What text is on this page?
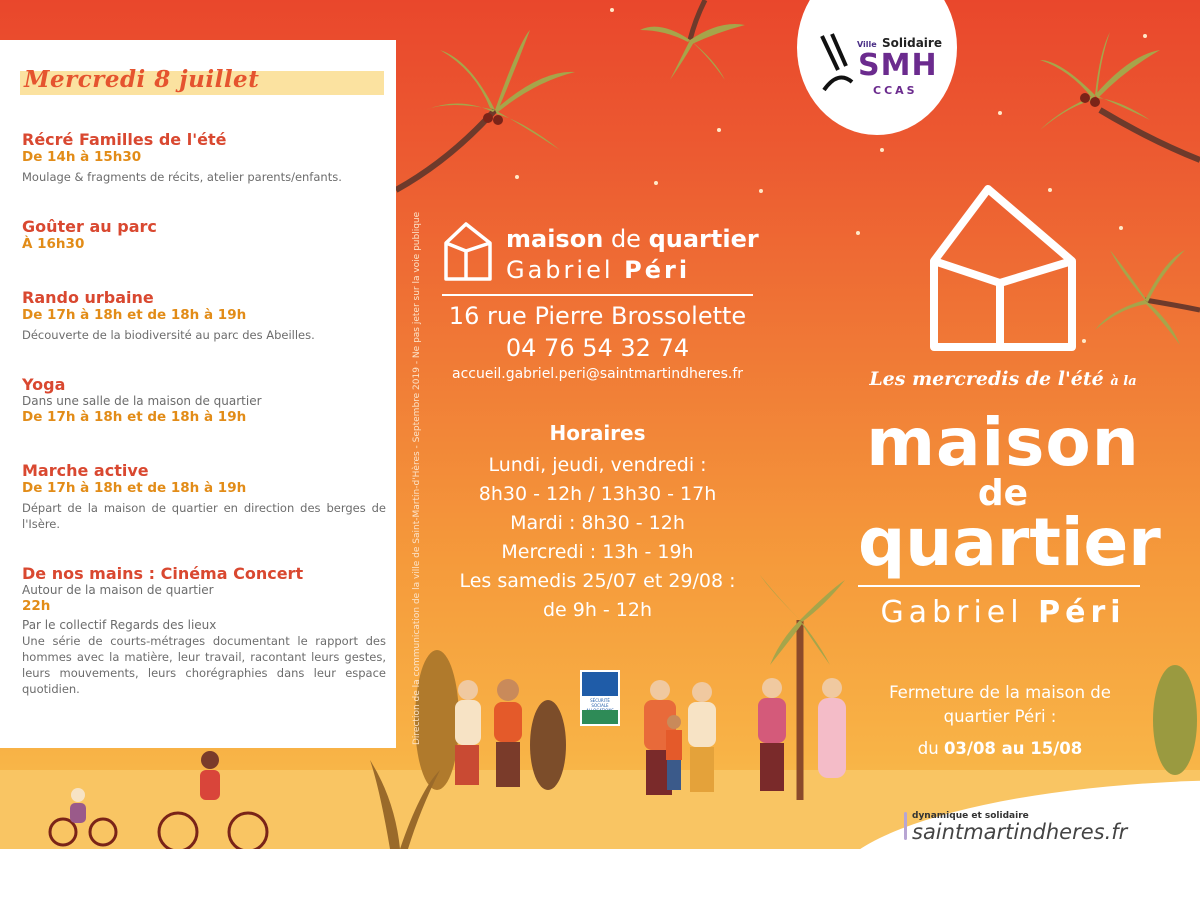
Mercredi 8 juillet
Récré Familles de l'été
De 14h à 15h30
Moulage & fragments de récits, atelier parents/enfants.
Goûter au parc
À 16h30
Rando urbaine
De 17h à 18h et de 18h à 19h
Découverte de la biodiversité au parc des Abeilles.
Yoga
Dans une salle de la maison de quartier
De 17h à 18h et de 18h à 19h
Marche active
De 17h à 18h et de 18h à 19h
Départ de la maison de quartier en direction des berges de l'Isère.
De nos mains : Cinéma Concert
Autour de la maison de quartier
22h
Par le collectif Regards des lieux
Une série de courts-métrages documentant le rapport des hommes avec la matière, leur travail, racontant leurs gestes, leurs mouvements, leurs chorégraphies dans leur espace quotidien.	Direction de la communication de la ville de Saint-Martin-d'Hères - Septembre 2019 - Ne pas jeter sur la voie publique	maison de quartier
Gabriel Péri
16 rue Pierre Brossolette
04 76 54 32 74
accueil.gabriel.peri@saintmartindheres.fr
Horaires
Lundi, jeudi, vendredi :
8h30 - 12h / 13h30 - 17h
Mardi : 8h30 - 12h
Mercredi : 13h - 19h
Les samedis 25/07 et 29/08 :
de 9h - 12h
SÉCURITÉ SOCIALE
Ville Solidaire
SMH
CCAS
Les mercredis de l'été à la
maison
de
quartier
Gabriel Péri
Fermeture de la maison de quartier Péri :
du 03/08 au 15/08
dynamique et solidaire
saintmartindheres.fr
